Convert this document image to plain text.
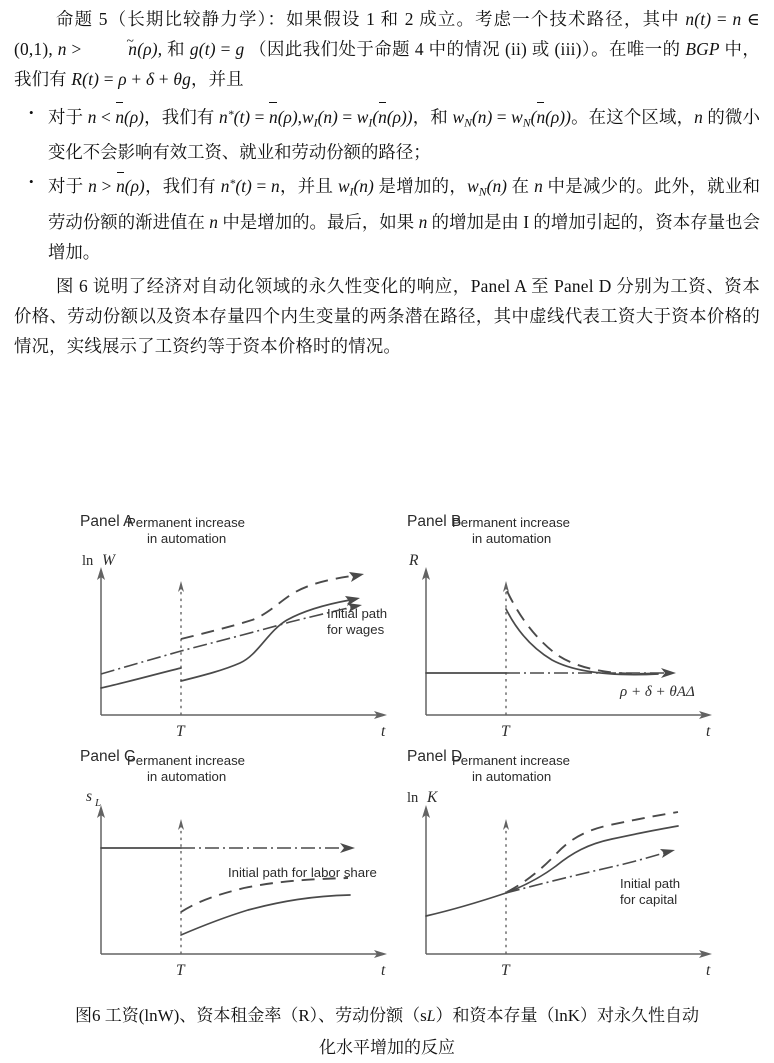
命题 5（长期比较静力学）：如果假设 1 和 2 成立。考虑一个技术路径，其中 n(t) = n ∈ (0,1), n > ~ n(ρ), 和 g(t) = g （因此我们处于命题 4 中的情况 (ii) 或 (iii)）。在唯一的 BGP 中，我们有 R(t) = ρ + δ + θg，并且

• 对于 n < n(ρ)，我们有 $n^*(t) = n(\rho),w_I(n) = w_I(n(\rho))$，和 $w_N(n) = w_N(n(\rho))$。在这个区域，n 的微小变化不会影响有效工资、就业和劳动份额的路径；
• 对于 n > n(ρ)，我们有 n*(t) = n，并且 $w_I(n)$ 是增加的，$w_N(n)$ 在 n 中是减少的。此外，就业和劳动份额的渐进值在 n 中是增加的。最后，如果 n 的增加是由 I 的增加引起的，资本存量也会增加。

图 6 说明了经济对自动化领域的永久性变化的响应，Panel A 至 Panel D 分别为工资、资本价格、劳动份额以及资本存量四个内生变量的两条潜在路径，其中虚线代表工资大于资本价格的情况，实线展示了工资约等于资本价格时的情况。

Panel A
ln W
Permanent increase
in automation
Initial path
for wages
T	t
Panel B
R
Permanent increase
in automation
ρ + δ + θAΔ
T	t
Panel C
s L
Permanent increase
in automation
Initial path for labor share
T	t
Panel D
ln K
Permanent increase
in automation
Initial path
for capital
T	t
图6 工资(lnW)、资本租金率（R）、劳动份额（sL）和资本存量（lnK）对永久性自动
化水平增加的反应
